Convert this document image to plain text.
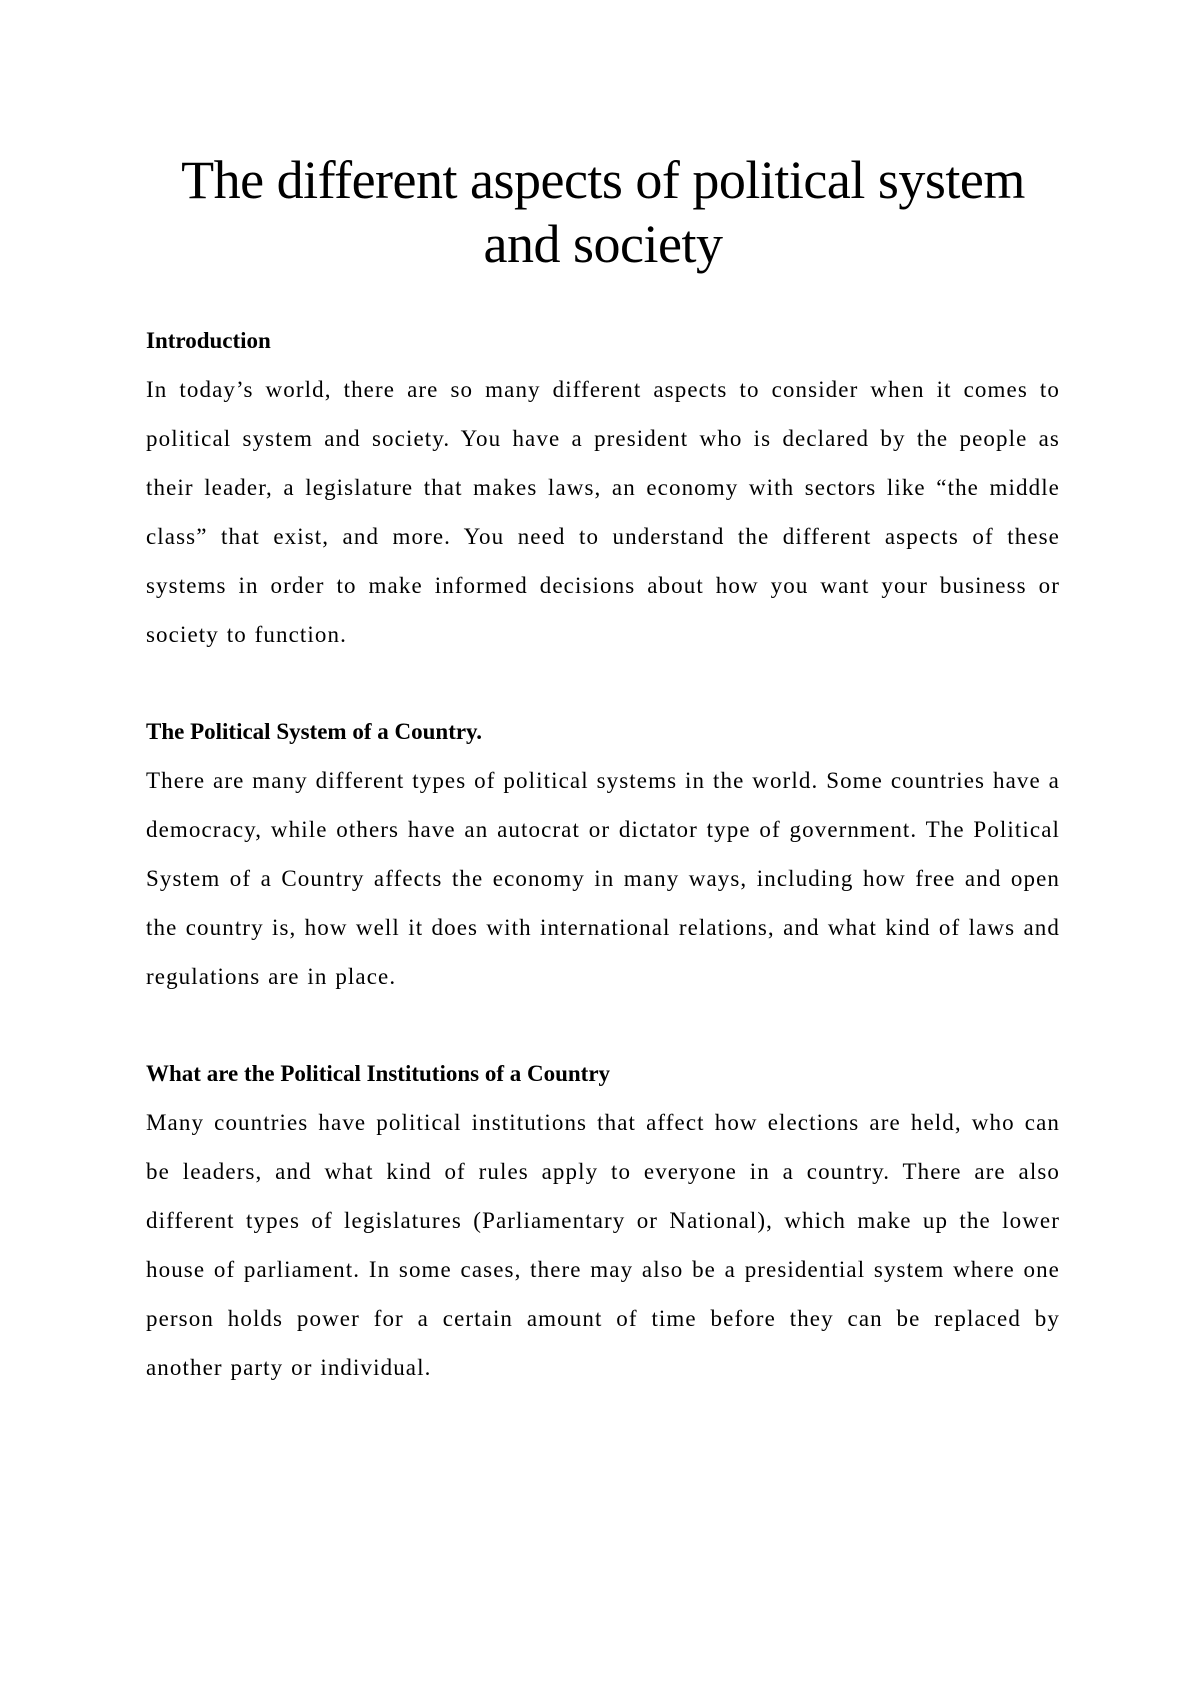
The different aspects of political system and society

Introduction

In today’s world, there are so many different aspects to consider when it comes to political system and society. You have a president who is declared by the people as their leader, a legislature that makes laws, an economy with sectors like “the middle class” that exist, and more. You need to understand the different aspects of these systems in order to make informed decisions about how you want your business or society to function.

The Political System of a Country.

There are many different types of political systems in the world. Some countries have a democracy, while others have an autocrat or dictator type of government. The Political System of a Country affects the economy in many ways, including how free and open the country is, how well it does with international relations, and what kind of laws and regulations are in place.

What are the Political Institutions of a Country

Many countries have political institutions that affect how elections are held, who can be leaders, and what kind of rules apply to everyone in a country. There are also different types of legislatures (Parliamentary or National), which make up the lower house of parliament. In some cases, there may also be a presidential system where one person holds power for a certain amount of time before they can be replaced by another party or individual.
